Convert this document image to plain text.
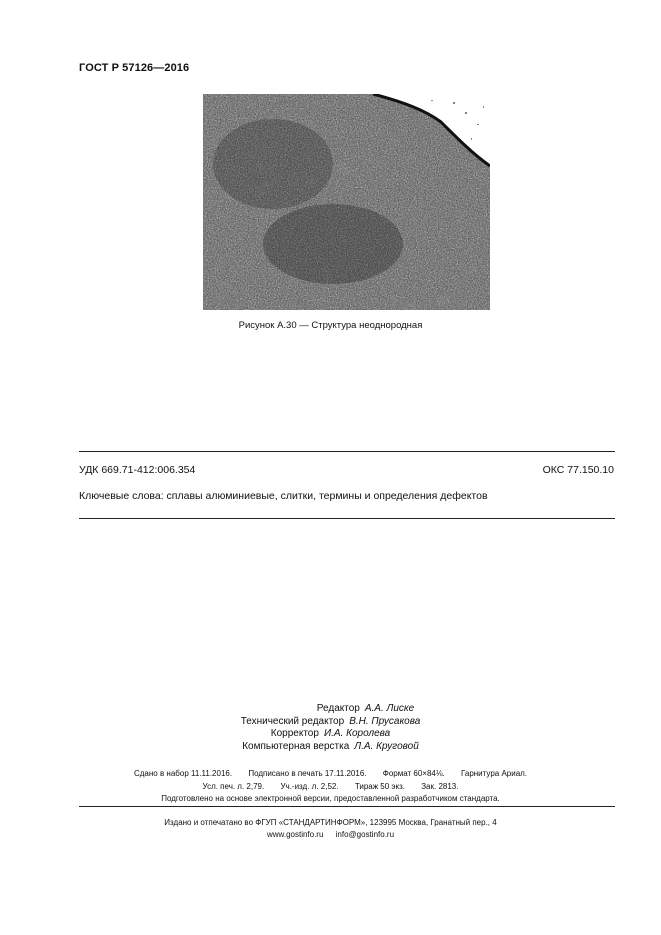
ГОСТ Р 57126—2016
Рисунок А.30 — Структура неоднородная
УДК 669.71-412:006.354	ОКС 77.150.10
Ключевые слова: сплавы алюминиевые, слитки, термины и определения дефектов
Редактор А.А. Лиске
Технический редактор В.Н. Прусакова
Корректор И.А. Королева
Компьютерная верстка Л.А. Круговой
Сдано в набор 11.11.2016. Подписано в печать 17.11.2016. Формат 60×84⅛. Гарнитура Ариал.
Усл. печ. л. 2,79. Уч.-изд. л. 2,52. Тираж 50 экз. Зак. 2813.
Подготовлено на основе электронной версии, предоставленной разработчиком стандарта.
Издано и отпечатано во ФГУП «СТАНДАРТИНФОРМ», 123995 Москва, Гранатный пер., 4
www.gostinfo.ru info@gostinfo.ru
